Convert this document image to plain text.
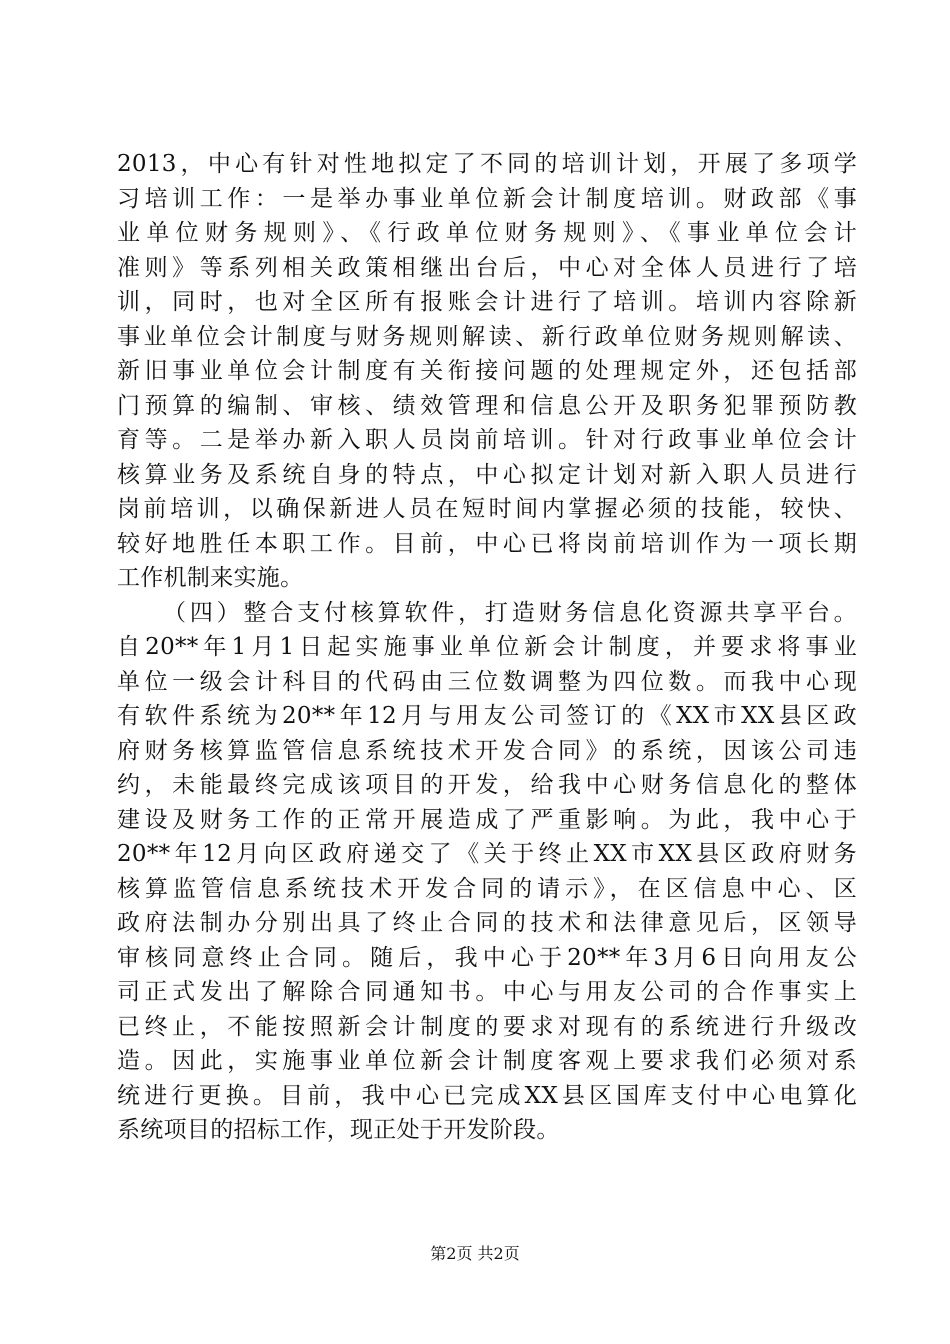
2013，中心有针对性地拟定了不同的培训计划，开展了多项学
习培训工作：一是举办事业单位新会计制度培训。财政部《事
业单位财务规则》、《行政单位财务规则》、《事业单位会计
准则》等系列相关政策相继出台后，中心对全体人员进行了培
训，同时，也对全区所有报账会计进行了培训。培训内容除新
事业单位会计制度与财务规则解读、新行政单位财务规则解读、
新旧事业单位会计制度有关衔接问题的处理规定外，还包括部
门预算的编制、审核、绩效管理和信息公开及职务犯罪预防教
育等。二是举办新入职人员岗前培训。针对行政事业单位会计
核算业务及系统自身的特点，中心拟定计划对新入职人员进行
岗前培训，以确保新进人员在短时间内掌握必须的技能，较快、
较好地胜任本职工作。目前，中心已将岗前培训作为一项长期
工作机制来实施。
（四）整合支付核算软件，打造财务信息化资源共享平台。
自20**年1月1日起实施事业单位新会计制度，并要求将事业
单位一级会计科目的代码由三位数调整为四位数。而我中心现
有软件系统为20**年12月与用友公司签订的《XX市XX县区政
府财务核算监管信息系统技术开发合同》的系统，因该公司违
约，未能最终完成该项目的开发，给我中心财务信息化的整体
建设及财务工作的正常开展造成了严重影响。为此，我中心于
20**年12月向区政府递交了《关于终止XX市XX县区政府财务
核算监管信息系统技术开发合同的请示》，在区信息中心、区
政府法制办分别出具了终止合同的技术和法律意见后，区领导
审核同意终止合同。随后，我中心于20**年3月6日向用友公
司正式发出了解除合同通知书。中心与用友公司的合作事实上
已终止，不能按照新会计制度的要求对现有的系统进行升级改
造。因此，实施事业单位新会计制度客观上要求我们必须对系
统进行更换。目前，我中心已完成XX县区国库支付中心电算化
系统项目的招标工作，现正处于开发阶段。
第2页 共2页
